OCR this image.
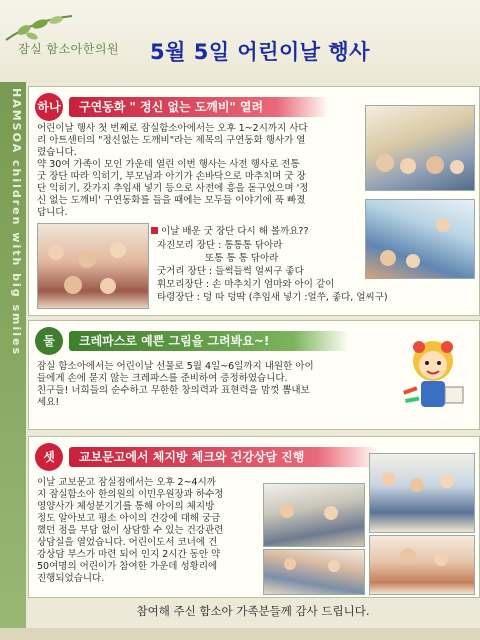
잠실 함소아한의원 5월 5일 어린이날 행사
HAMSOA children with big smiles 하나	구연동화 " 정신 없는 도깨비" 열려
어린이날 행사 첫 번째로 잠실함소아에서는 오후 1~2시까지 사다
리 아트센터의 "정신없는 도깨비"라는 제목의 구연동화 행사가 열
렸습니다.
약 30여 가족이 모인 가운데 열린 이번 행사는 사전 행사로 전통
굿 장단 따라 익히기, 부모님과 아기가 손바닥으로 마추치며 굿 장
단 익히기, 갖가지 추임새 넣기 등으로 사전에 흥을 돋구었으며 '정
신 없는 도깨비' 구연동화를 들을 때에는 모두들 이야기에 푹 빠졌
답니다.
이날 배운 굿 장단 다시 해 볼까요??
자진모리 장단 : 통통통 닦아라
또통 통 통 닦아라
굿거리 장단 : 들썩들썩 얼씨구 좋다
휘모리장단 : 손 마추치기 엄마와 아이 같이
타령장단 : 덩 따 덩딱 (추임새 넣기 :얼쑤, 좋다, 얼씨구)
둘	크레파스로 예쁜 그림을 그려봐요~!
잠실 함소아에서는 어린이날 선물로 5월 4일~6일까지 내원한 아이
들에게 손에 묻지 않는 크레파스를 준비하여 증정하였습니다.
친구들! 너희들의 순수하고 무한한 창의력과 표현력을 맘껏 뽐내보
세요!
셋	교보문고에서 체지방 체크와 건강상담 진행
이날 교보문고 잠실점에서는 오후 2~4시까
지 잠실함소아 한의원의 이민우원장과 하수정
영양사가 체성분기기를 통해 아이의 체지방
정도 알아보고 평소 아이의 건강에 대해 궁금
했던 점을 부담 없이 상담할 수 있는 건강관련
상담실을 열었습니다. 어린이도서 코너에 건
강상담 부스가 마련 되어 인지 2시간 동안 약
50여명의 어린이가 참여한 가운데 성황리에
진행되었습니다.
참여해 주신 함소아 가족분들께 감사 드립니다.
